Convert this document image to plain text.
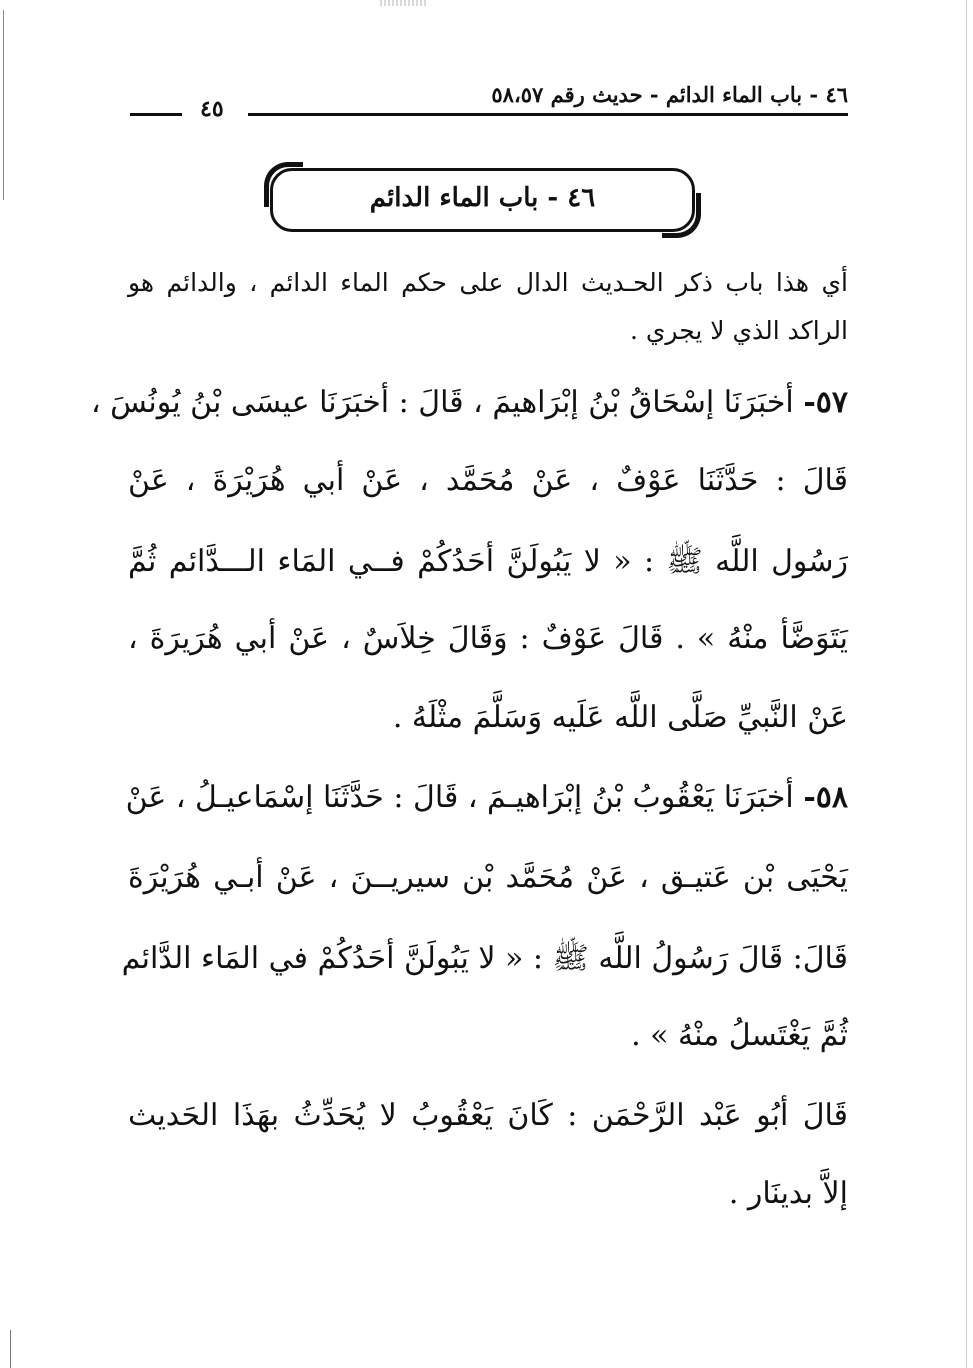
٤٦ - باب الماء الدائم - حديث رقم ٥٨،٥٧
٤٥
٤٦ - باب الماء الدائم

أي هذا باب ذكر الحـديث الدال على حكم الماء الدائم ، والدائم هو

الراكد الذي لا يجري .

٥٧- أخبَرَنَا إسْحَاقُ بْنُ إبْرَاهيمَ ، قَالَ : أخبَرَنَا عيسَى بْنُ يُونُسَ ،

قَالَ : حَدَّثَنَا عَوْفٌ ، عَنْ مُحَمَّد ، عَنْ أبي هُرَيْرَةَ ، عَنْ

رَسُول اللَّه ﷺ : « لا يَبُولَنَّ أحَدُكُمْ فــي المَاء الـــدَّائم ثُمَّ

يَتَوَضَّأ منْهُ » . قَالَ عَوْفٌ : وَقَالَ خِلاَسٌ ، عَنْ أبي هُرَيرَةَ ،

عَنْ النَّبيِّ صَلَّى اللَّه عَلَيه وَسَلَّمَ مثْلَهُ .

٥٨- أخبَرَنَا يَعْقُوبُ بْنُ إبْرَاهيـمَ ، قَالَ : حَدَّثَنَا إسْمَاعيـلُ ، عَنْ

يَحْيَى بْن عَتيـق ، عَنْ مُحَمَّد بْن سيريــنَ ، عَنْ أبـي هُرَيْرَةَ

قَالَ: قَالَ رَسُولُ اللَّه ﷺ : « لا يَبُولَنَّ أحَدُكُمْ في المَاء الدَّائم

ثُمَّ يَغْتَسلُ منْهُ » .

قَالَ أبُو عَبْد الرَّحْمَن : كَانَ يَعْقُوبُ لا يُحَدِّثُ بهَذَا الحَديث

إلاَّ بدينَار .
